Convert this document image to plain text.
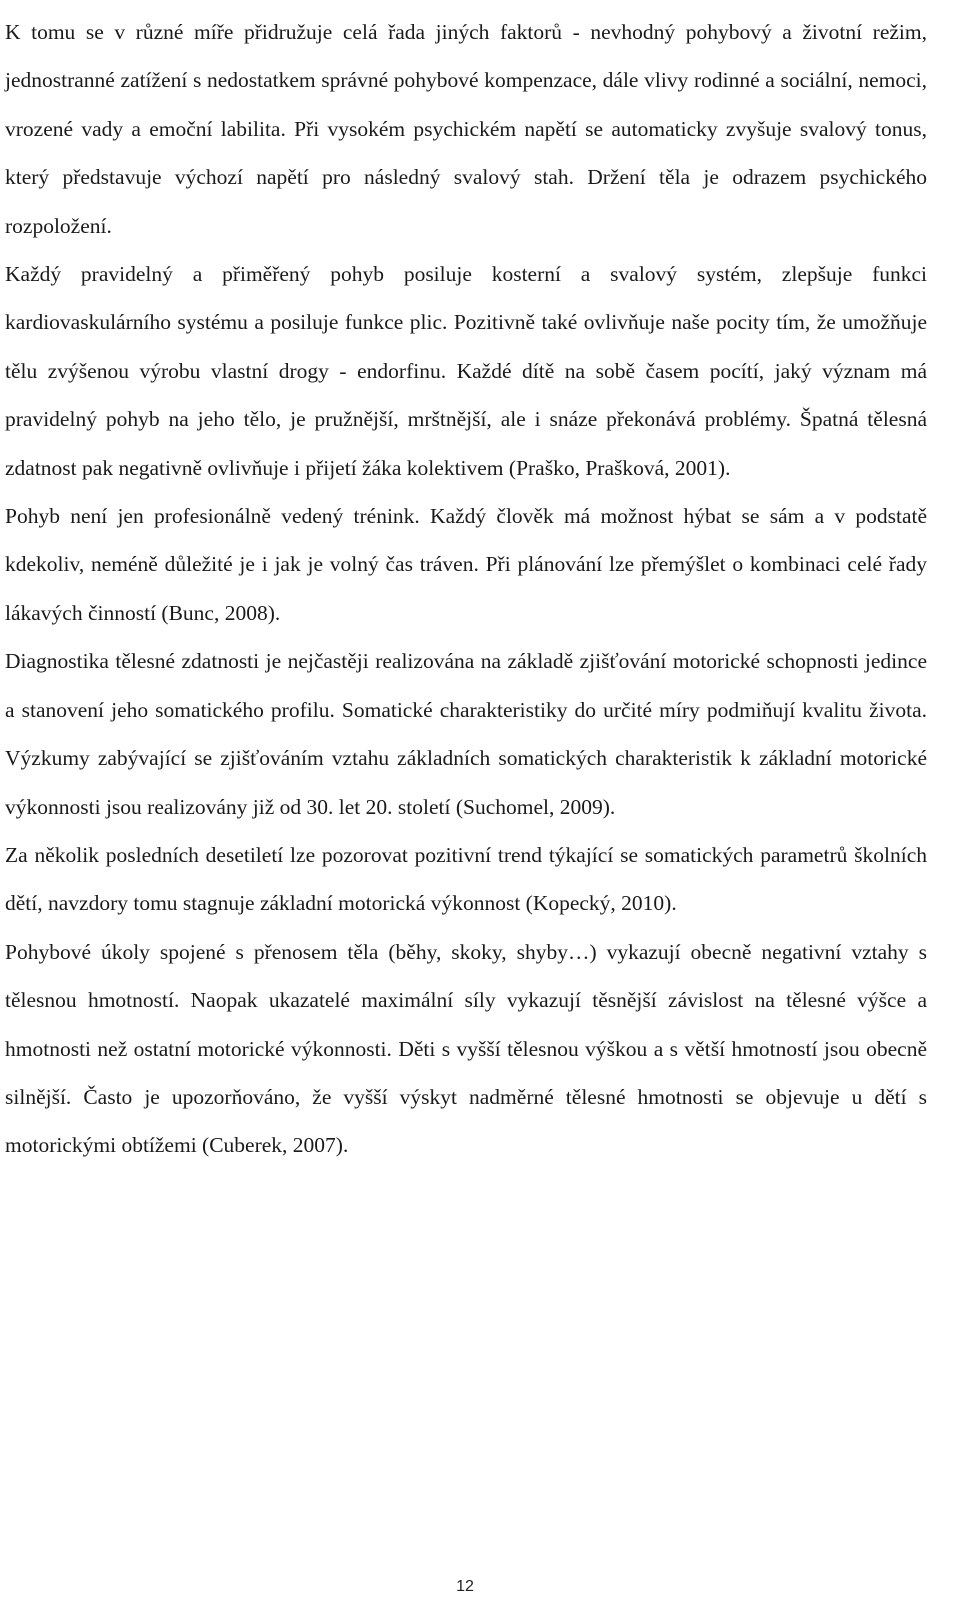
K tomu se v různé míře přidružuje celá řada jiných faktorů - nevhodný pohybový a životní režim, jednostranné zatížení s nedostatkem správné pohybové kompenzace, dále vlivy rodinné a sociální, nemoci, vrozené vady a emoční labilita. Při vysokém psychickém napětí se automaticky zvyšuje svalový tonus, který představuje výchozí napětí pro následný svalový stah. Držení těla je odrazem psychického rozpoložení.

Každý pravidelný a přiměřený pohyb posiluje kosterní a svalový systém, zlepšuje funkci kardiovaskulárního systému a posiluje funkce plic. Pozitivně také ovlivňuje naše pocity tím, že umožňuje tělu zvýšenou výrobu vlastní drogy - endorfinu. Každé dítě na sobě časem pocítí, jaký význam má pravidelný pohyb na jeho tělo, je pružnější, mrštnější, ale i snáze překonává problémy. Špatná tělesná zdatnost pak negativně ovlivňuje i přijetí žáka kolektivem (Praško, Prašková, 2001).

Pohyb není jen profesionálně vedený trénink. Každý člověk má možnost hýbat se sám a v podstatě kdekoliv, neméně důležité je i jak je volný čas tráven. Při plánování lze přemýšlet o kombinaci celé řady lákavých činností (Bunc, 2008).

Diagnostika tělesné zdatnosti je nejčastěji realizována na základě zjišťování motorické schopnosti jedince a stanovení jeho somatického profilu. Somatické charakteristiky do určité míry podmiňují kvalitu života. Výzkumy zabývající se zjišťováním vztahu základních somatických charakteristik k základní motorické výkonnosti jsou realizovány již od 30. let 20. století (Suchomel, 2009).

Za několik posledních desetiletí lze pozorovat pozitivní trend týkající se somatických parametrů školních dětí, navzdory tomu stagnuje základní motorická výkonnost (Kopecký, 2010).

Pohybové úkoly spojené s přenosem těla (běhy, skoky, shyby…) vykazují obecně negativní vztahy s tělesnou hmotností. Naopak ukazatelé maximální síly vykazují těsnější závislost na tělesné výšce a hmotnosti než ostatní motorické výkonnosti. Děti s vyšší tělesnou výškou a s větší hmotností jsou obecně silnější. Často je upozorňováno, že vyšší výskyt nadměrné tělesné hmotnosti se objevuje u dětí s motorickými obtížemi (Cuberek, 2007).

12
